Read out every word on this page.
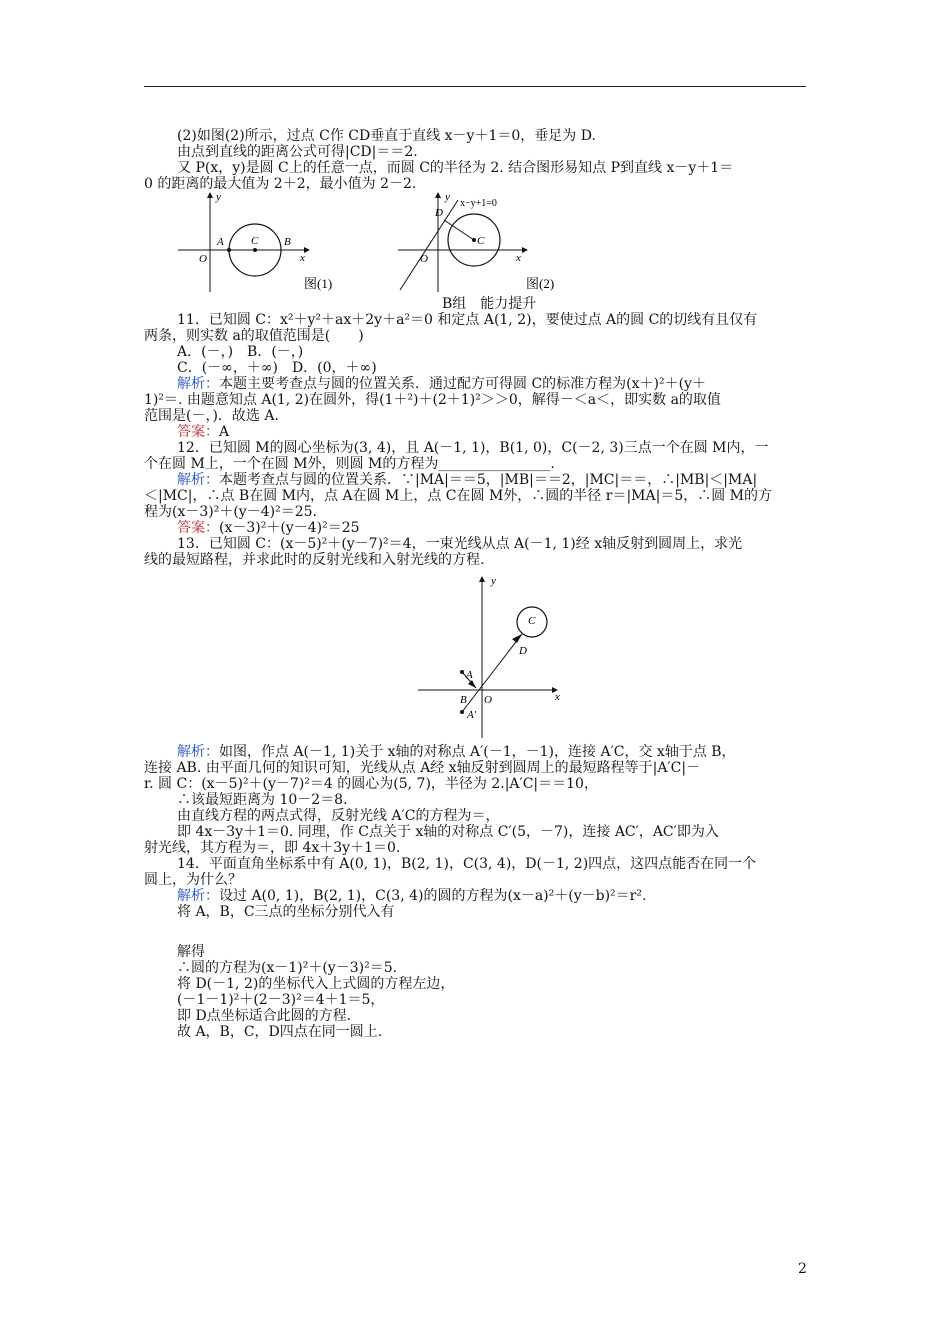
(2)如图(2)所示，过点 C作 CD垂直于直线 x－y＋1＝0，垂足为 D.
由点到直线的距离公式可得|CD|＝＝2.
又 P(x，y)是圆 C上的任意一点，而圆 C的半径为 2. 结合图形易知点 P到直线 x－y＋1＝
0 的距离的最大值为 2＋2，最小值为 2－2.
y
A C B
O	x
图(1)
y
D
x−y+1=0
C
O	x
图(2)
B组　能力提升
11．已知圆 C：x²＋y²＋ax＋2y＋a²＝0 和定点 A(1, 2)，要使过点 A的圆 C的切线有且仅有
两条，则实数 a的取值范围是(　　)
A．(－，)　B．(－，)
C．(－∞，＋∞)　D．(0，＋∞)
解析：本题主要考查点与圆的位置关系．通过配方可得圆 C的标准方程为(x＋)²＋(y＋
1)²＝. 由题意知点 A(1, 2)在圆外，得(1＋²)＋(2＋1)²＞＞0，解得－＜a＜，即实数 a的取值
范围是(－，)．故选 A.
答案：A
12．已知圆 M的圆心坐标为(3, 4)，且 A(－1, 1)，B(1, 0)，C(－2, 3)三点一个在圆 M内，一
个在圆 M上，一个在圆 M外，则圆 M的方程为________________.
解析：本题考查点与圆的位置关系．∵|MA|＝＝5，|MB|＝＝2，|MC|＝＝，∴|MB|＜|MA|
＜|MC|，∴点 B在圆 M内，点 A在圆 M上，点 C在圆 M外，∴圆的半径 r＝|MA|＝5，∴圆 M的方
程为(x－3)²＋(y－4)²＝25.
答案：(x－3)²＋(y－4)²＝25
13．已知圆 C：(x－5)²＋(y－7)²＝4，一束光线从点 A(－1, 1)经 x轴反射到圆周上，求光
线的最短路程，并求此时的反射光线和入射光线的方程.
y
C
D
A
B O
A′
x
解析：如图，作点 A(－1, 1)关于 x轴的对称点 A′(－1，－1)，连接 A′C，交 x轴于点 B，
连接 AB. 由平面几何的知识可知，光线从点 A经 x轴反射到圆周上的最短路程等于|A′C|－
r. 圆 C：(x－5)²＋(y－7)²＝4 的圆心为(5, 7)，半径为 2.|A′C|＝＝10，
∴该最短距离为 10－2＝8.
由直线方程的两点式得，反射光线 A′C的方程为＝，
即 4x－3y＋1＝0. 同理，作 C点关于 x轴的对称点 C′(5，－7)，连接 AC′，AC′即为入
射光线，其方程为＝，即 4x＋3y＋1＝0.
14．平面直角坐标系中有 A(0, 1)，B(2, 1)，C(3, 4)，D(－1, 2)四点，这四点能否在同一个
圆上，为什么？
解析：设过 A(0, 1)，B(2, 1)，C(3, 4)的圆的方程为(x－a)²＋(y－b)²＝r².
将 A，B，C三点的坐标分别代入有
解得
∴圆的方程为(x－1)²＋(y－3)²＝5.
将 D(－1, 2)的坐标代入上式圆的方程左边，
(－1－1)²＋(2－3)²＝4＋1＝5，
即 D点坐标适合此圆的方程.
故 A，B，C，D四点在同一圆上.
2
